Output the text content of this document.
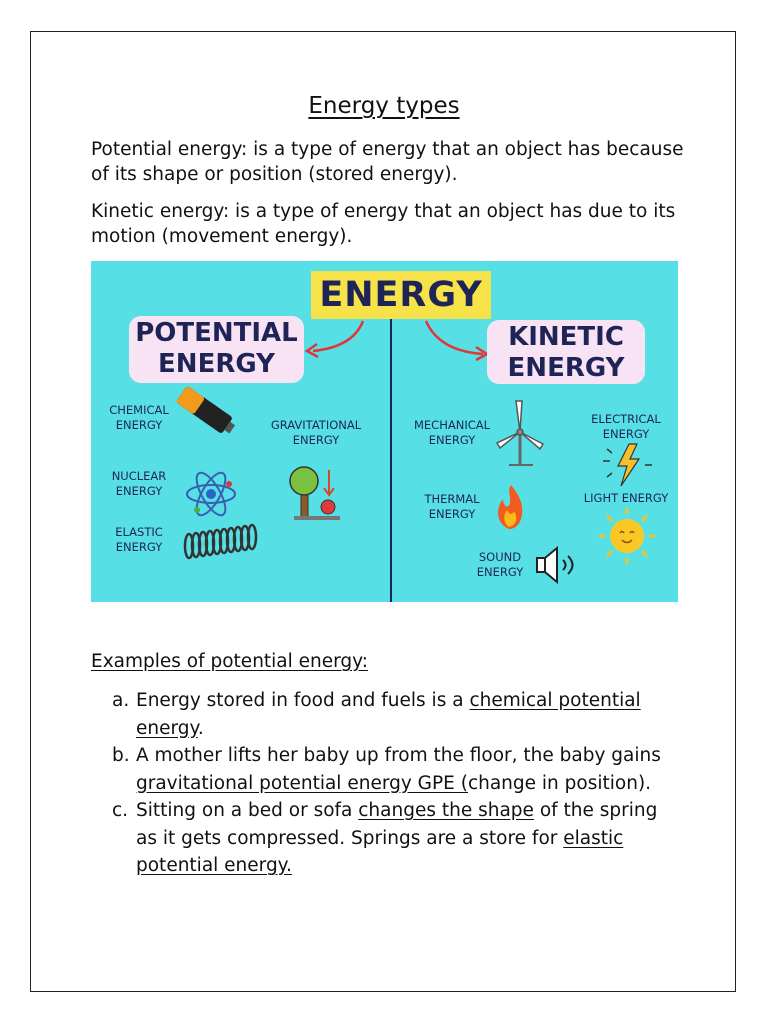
Energy types
Potential energy: is a type of energy that an object has because of its shape or position (stored energy).
Kinetic energy: is a type of energy that an object has due to its motion (movement energy).
ENERGY
POTENTIAL
ENERGY
KINETIC
ENERGY
CHEMICAL
ENERGY	GRAVITATIONAL
ENERGY
NUCLEAR
ENERGY
ELASTIC
ENERGY
MECHANICAL
ENERGY
ELECTRICAL
ENERGY
THERMAL
ENERGY
LIGHT ENERGY
SOUND
ENERGY
Examples of potential energy:
a. Energy stored in food and fuels is a chemical potential energy.
b. A mother lifts her baby up from the floor, the baby gains gravitational potential energy GPE (change in position).
c. Sitting on a bed or sofa changes the shape of the spring as it gets compressed. Springs are a store for elastic potential energy.
